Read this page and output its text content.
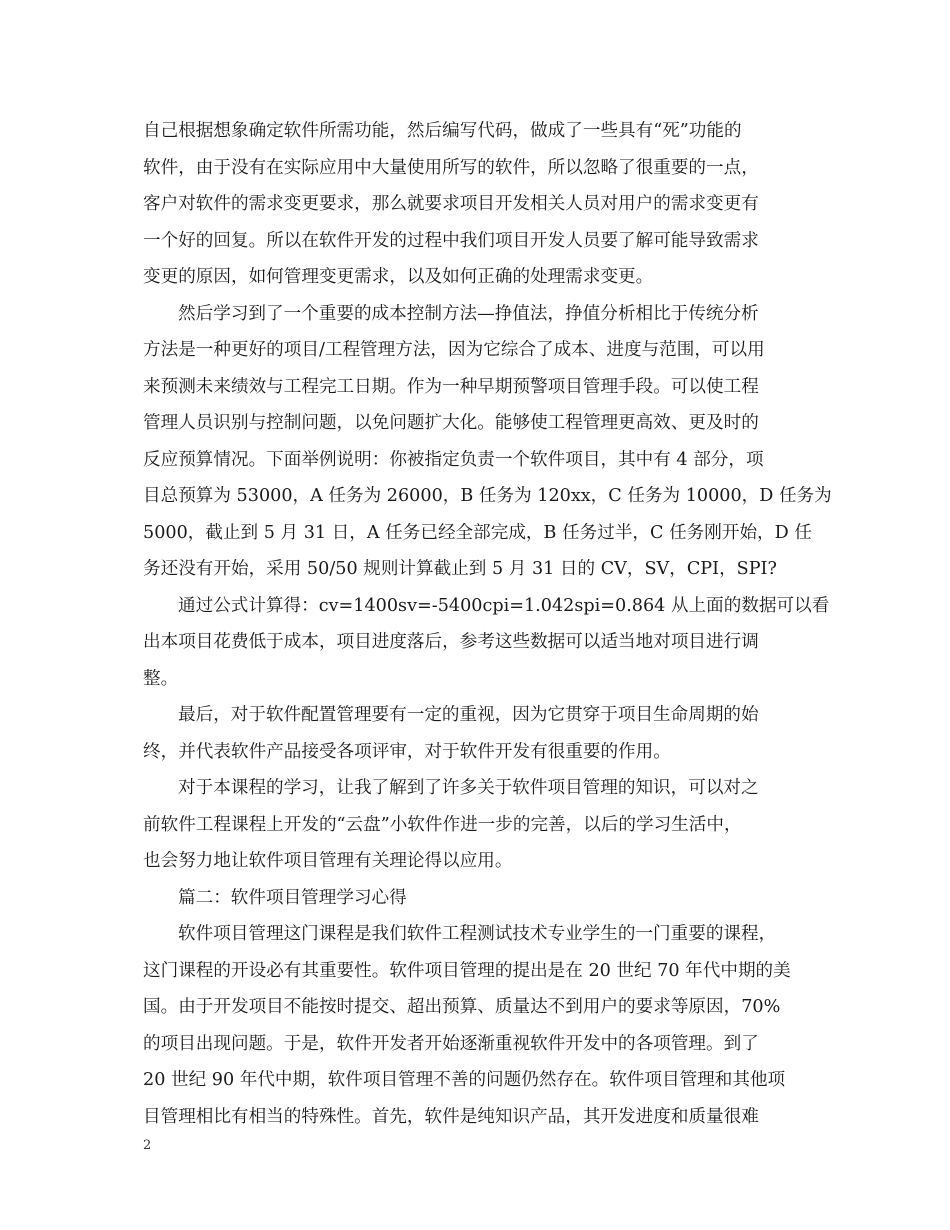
自己根据想象确定软件所需功能，然后编写代码，做成了一些具有“死”功能的
软件，由于没有在实际应用中大量使用所写的软件，所以忽略了很重要的一点，
客户对软件的需求变更要求，那么就要求项目开发相关人员对用户的需求变更有
一个好的回复。所以在软件开发的过程中我们项目开发人员要了解可能导致需求
变更的原因，如何管理变更需求，以及如何正确的处理需求变更。
然后学习到了一个重要的成本控制方法—挣值法，挣值分析相比于传统分析
方法是一种更好的项目/工程管理方法，因为它综合了成本、进度与范围，可以用
来预测未来绩效与工程完工日期。作为一种早期预警项目管理手段。可以使工程
管理人员识别与控制问题，以免问题扩大化。能够使工程管理更高效、更及时的
反应预算情况。下面举例说明：你被指定负责一个软件项目，其中有 4 部分，项
目总预算为 53000，A 任务为 26000，B 任务为 120xx，C 任务为 10000，D 任务为
5000，截止到 5 月 31 日，A 任务已经全部完成，B 任务过半，C 任务刚开始，D 任
务还没有开始，采用 50/50 规则计算截止到 5 月 31 日的 CV，SV，CPI，SPI?
通过公式计算得：cv=1400sv=-5400cpi=1.042spi=0.864 从上面的数据可以看
出本项目花费低于成本，项目进度落后，参考这些数据可以适当地对项目进行调
整。
最后，对于软件配置管理要有一定的重视，因为它贯穿于项目生命周期的始
终，并代表软件产品接受各项评审，对于软件开发有很重要的作用。
对于本课程的学习，让我了解到了许多关于软件项目管理的知识，可以对之
前软件工程课程上开发的“云盘”小软件作进一步的完善，以后的学习生活中，
也会努力地让软件项目管理有关理论得以应用。
篇二：软件项目管理学习心得
软件项目管理这门课程是我们软件工程测试技术专业学生的一门重要的课程，
这门课程的开设必有其重要性。软件项目管理的提出是在 20 世纪 70 年代中期的美
国。由于开发项目不能按时提交、超出预算、质量达不到用户的要求等原因，70%
的项目出现问题。于是，软件开发者开始逐渐重视软件开发中的各项管理。到了
20 世纪 90 年代中期，软件项目管理不善的问题仍然存在。软件项目管理和其他项
目管理相比有相当的特殊性。首先，软件是纯知识产品，其开发进度和质量很难
2
